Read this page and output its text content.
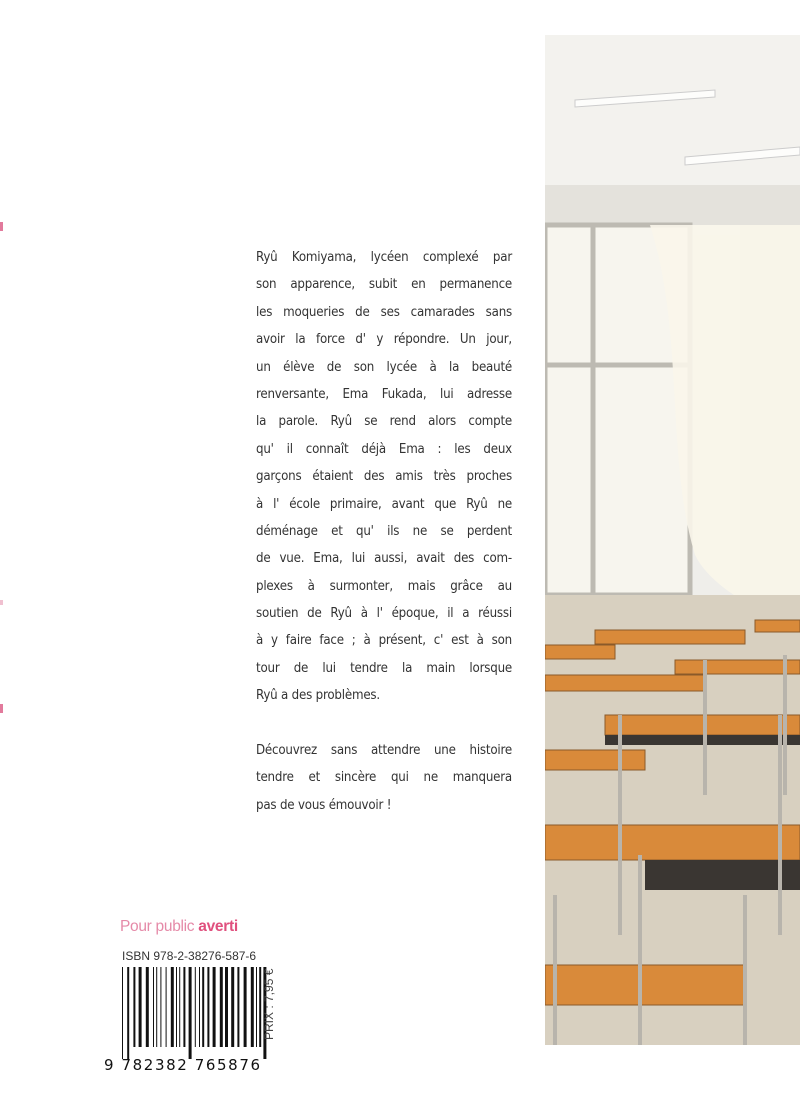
Ryû Komiyama, lycéen complexé par
son apparence, subit en permanence
les moqueries de ses camarades sans
avoir la force d' y répondre. Un jour,
un élève de son lycée à la beauté
renversante, Ema Fukada, lui adresse
la parole. Ryû se rend alors compte
qu' il connaît déjà Ema : les deux
garçons étaient des amis très proches
à l' école primaire, avant que Ryû ne
déménage et qu' ils ne se perdent
de vue. Ema, lui aussi, avait des com-
plexes à surmonter, mais grâce au
soutien de Ryû à l' époque, il a réussi
à y faire face ; à présent, c' est à son
tour de lui tendre la main lorsque
Ryû a des problèmes.
Découvrez sans attendre une histoire
tendre et sincère qui ne manquera
pas de vous émouvoir !
Pour public averti
ISBN 978-2-38276-587-6
9 782382 765876
PRIX : 7,95 €
